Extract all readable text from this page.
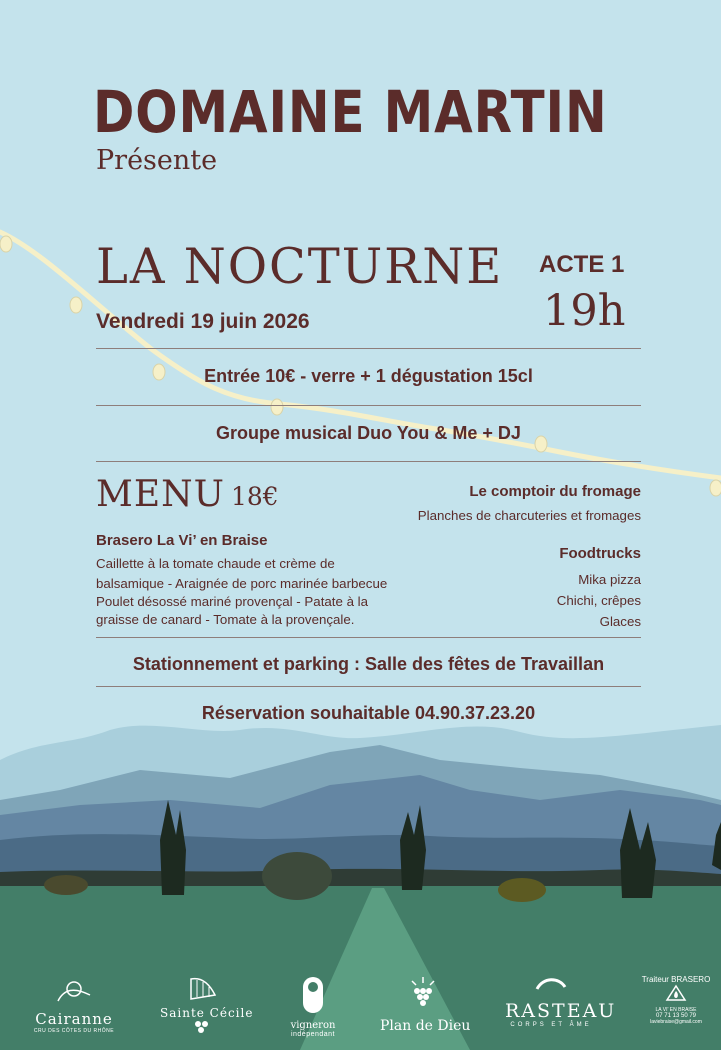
DOMAINE MARTIN
Présente
LA NOCTURNE ACTE 1
19h
Vendredi 19 juin 2026
Entrée 10€ - verre + 1 dégustation 15cl
Groupe musical Duo You & Me + DJ
MENU 18€
Brasero La Vi’ en Braise
Caillette à la tomate chaude et crème de
balsamique - Araignée de porc marinée barbecue
Poulet désossé mariné provençal - Patate à la
graisse de canard - Tomate à la provençale.
Le comptoir du fromage
Planches de charcuteries et fromages
Foodtrucks
Mika pizza
Chichi, crêpes
Glaces
Stationnement et parking : Salle des fêtes de Travaillan
Réservation souhaitable 04.90.37.23.20
Cairanne
CRU DES CÔTES DU RHÔNE
Sainte Cécile
vigneron
indépendant
Plan de Dieu
RASTEAU
CORPS ET ÂME
Traiteur BRASERO
LA VI' EN BRAISE
07 71 13 50 79
laviebraise@gmail.com
